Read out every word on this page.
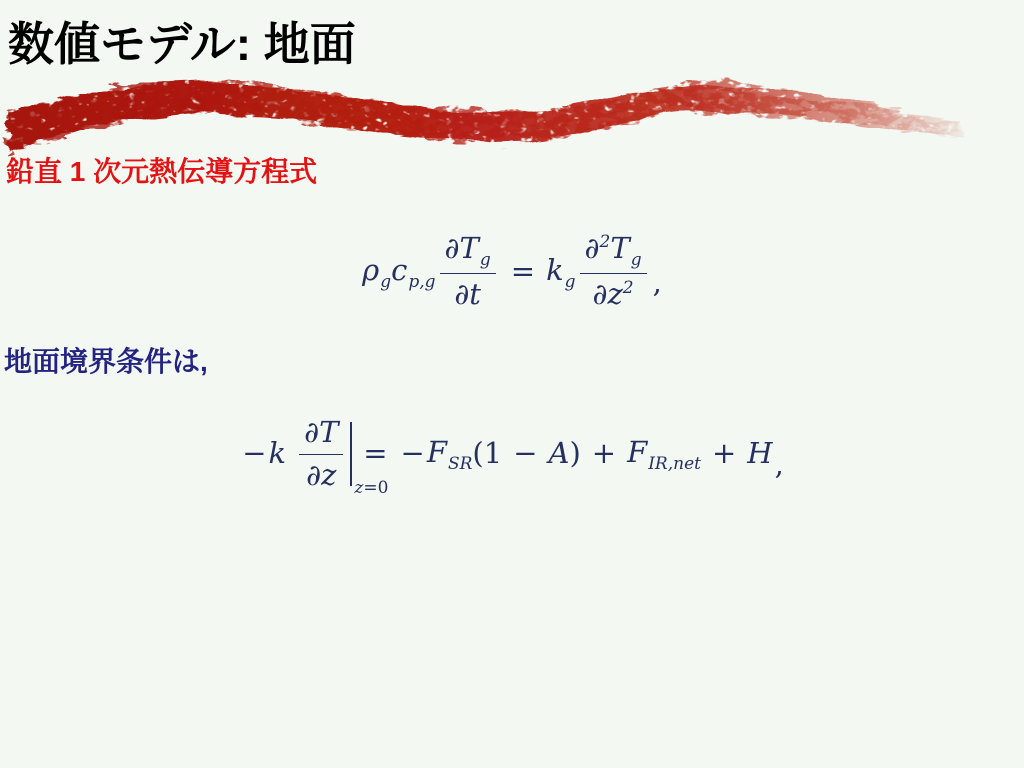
数値モデル: 地面
鉛直 1 次元熱伝導方程式
$\rho_g$ $c_{p,g} \frac{\partial T_g}{\partial t} = k_g \frac{\partial^2 T_g}{\partial z^2}$ ,
地面境界条件は,
− k $\frac{\partial T}{\partial z}$ z =0
= − $F_{SR}$ (1 − A ) + $F_{IR,net} + H$ ,
